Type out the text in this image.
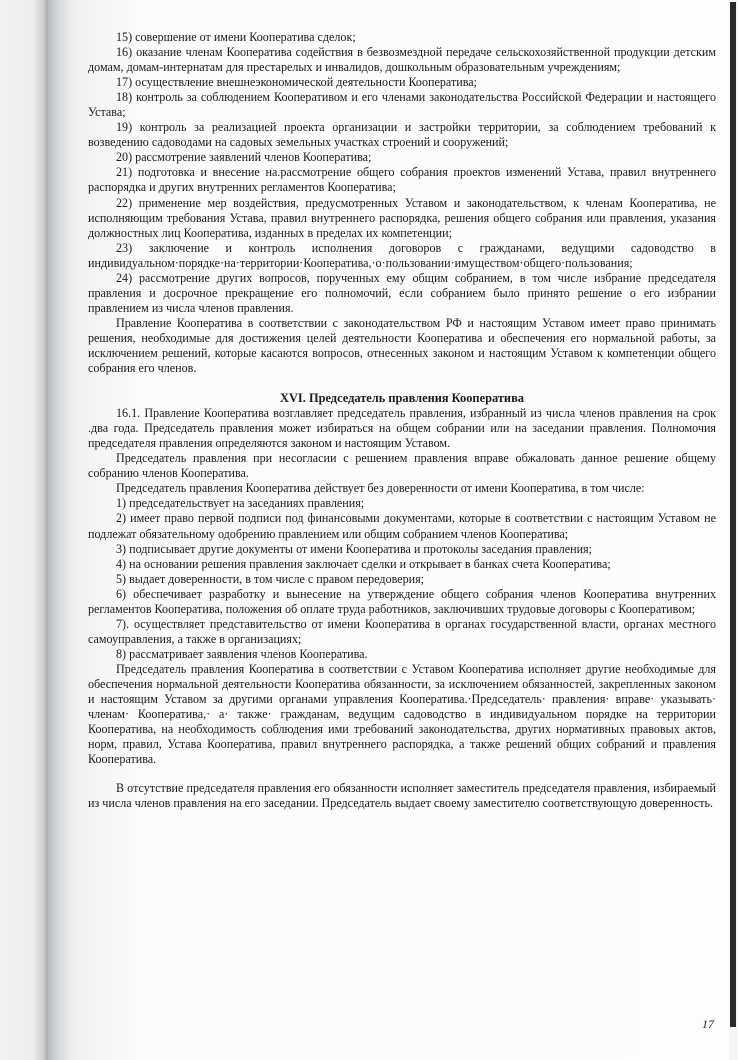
15) совершение от имени Кооператива сделок;

16) оказание членам Кооператива содействия в безвозмездной передаче сельскохозяйственной продукции детским домам, домам-интернатам для престарелых и инвалидов, дошкольным образовательным учреждениям;

17) осуществление внешнеэкономической деятельности Кооператива;

18) контроль за соблюдением Кооперативом и его членами законодательства Российской Федерации и настоящего Устава;

19) контроль за реализацией проекта организации и застройки территории, за соблюдением требований к возведению садоводами на садовых земельных участках строений и сооружений;

20) рассмотрение заявлений членов Кооператива;

21) подготовка и внесение на.рассмотрение общего собрания проектов изменений Устава, правил внутреннего распорядка и других внутренних регламентов Кооператива;

22) применение мер воздействия, предусмотренных Уставом и законодательством, к членам Кооператива, не исполняющим требования Устава, правил внутреннего распорядка, решения общего собрания или правления, указания должностных лиц Кооператива, изданных в пределах их компетенции;

23) заключение и контроль исполнения договоров с гражданами, ведущими садоводство в индивидуальном·порядке·на·территории·Кооператива,·о·пользовании·имуществом·общего·пользования;

24) рассмотрение других вопросов, порученных ему общим собранием, в том числе избрание председателя правления и досрочное прекращение его полномочий, если собранием было принято решение о его избрании правлением из числа членов правления.

Правление Кооператива в соответствии с законодательством РФ и настоящим Уставом имеет право принимать решения, необходимые для достижения целей деятельности Кооператива и обеспечения его нормальной работы, за исключением решений, которые касаются вопросов, отнесенных законом и настоящим Уставом к компетенции общего собрания его членов.

XVI. Председатель правления Кооператива

16.1. Правление Кооператива возглавляет председатель правления, избранный из числа членов правления на срок .два года. Председатель правления может избираться на общем собрании или на заседании правления. Полномочия председателя правления определяются законом и настоящим Уставом.

Председатель правления при несогласии с решением правления вправе обжаловать данное решение общему собранию членов Кооператива.

Председатель правления Кооператива действует без доверенности от имени Кооператива, в том числе:

1) председательствует на заседаниях правления;

2) имеет право первой подписи под финансовыми документами, которые в соответствии с настоящим Уставом не подлежат обязательному одобрению правлением или общим собранием членов Кооператива;

3) подписывает другие документы от имени Кооператива и протоколы заседания правления;

4) на основании решения правления заключает сделки и открывает в банках счета Кооператива;

5) выдает доверенности, в том числе с правом передоверия;

6) обеспечивает разработку и вынесение на утверждение общего собрания членов Кооператива внутренних регламентов Кооператива, положения об оплате труда работников, заключивших трудовые договоры с Кооперативом;

7). осуществляет представительство от имени Кооператива в органах государственной власти, органах местного самоуправления, а также в организациях;

8) рассматривает заявления членов Кооператива.

Председатель правления Кооператива в соответствии с Уставом Кооператива исполняет другие необходимые для обеспечения нормальной деятельности Кооператива обязанности, за исключением обязанностей, закрепленных законом и настоящим Уставом за другими органами управления Кооператива.·Председатель· правления· вправе· указывать· членам· Кооператива,· а· также· гражданам, ведущим садоводство в индивидуальном порядке на территории Кооператива, на необходимость соблюдения ими требований законодательства, других нормативных правовых актов, норм, правил, Устава Кооператива, правил внутреннего распорядка, а также решений общих собраний и правления Кооператива.

В отсутствие председателя правления его обязанности исполняет заместитель председателя правления, избираемый из числа членов правления на его заседании. Председатель выдает своему заместителю соответствующую доверенность.

17
